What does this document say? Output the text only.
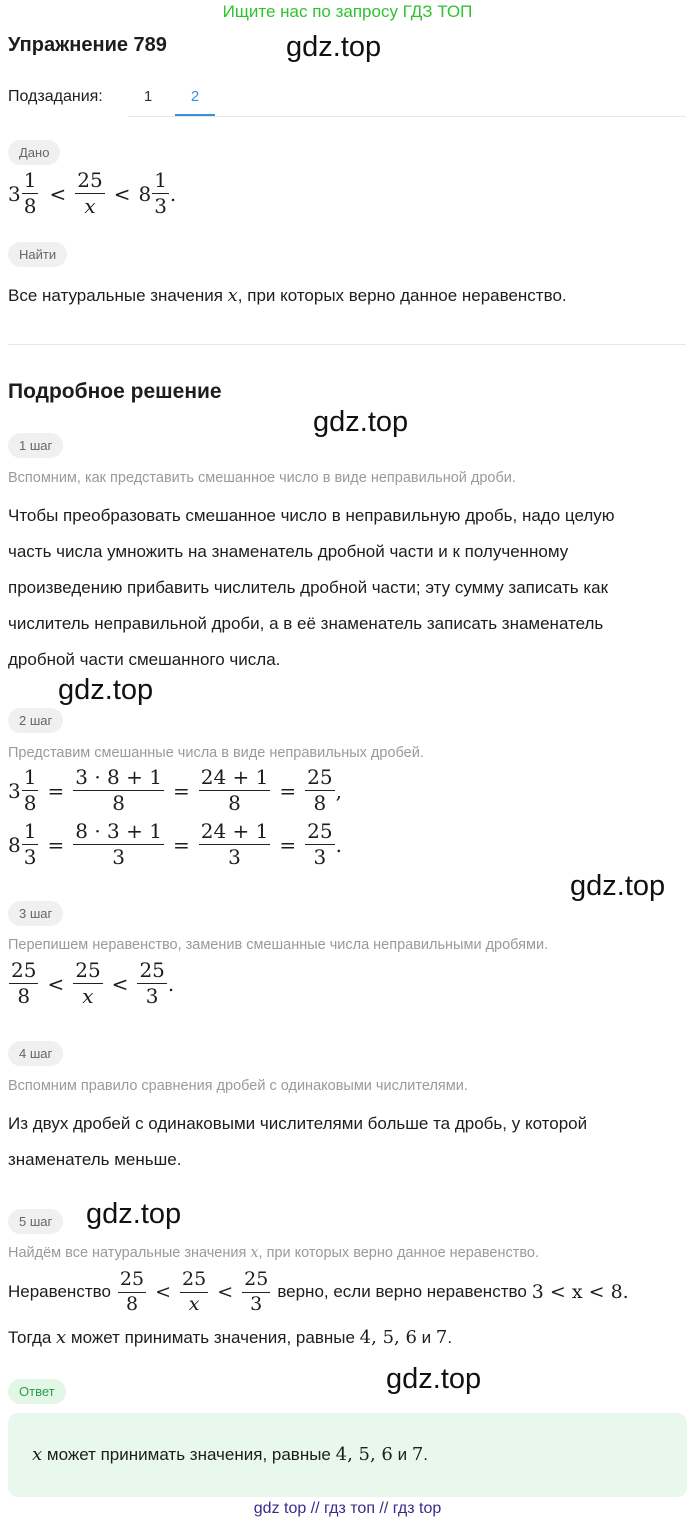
Ищите нас по запросу ГДЗ ТОП
gdz.top
gdz.top
gdz.top
gdz.top
gdz.top
gdz.top
Упражнение 789
Подзадания:	1	2
Дано
$3 \frac{1}{8} < \frac{25}{x} < 8 \frac{1}{3}$ .
Найти
Все натуральные значения x, при которых верно данное неравенство.
Подробное решение
1 шаг
Вспомним, как представить смешанное число в виде неправильной дроби.
Чтобы преобразовать смешанное число в неправильную дробь, надо целую
часть числа умножить на знаменатель дробной части и к полученному
произведению прибавить числитель дробной части; эту сумму записать как
числитель неправильной дроби, а в её знаменатель записать знаменатель
дробной части смешанного числа.
2 шаг
Представим смешанные числа в виде неправильных дробей.
$3 \frac{1}{8} = \frac{3 \cdot 8 + 1}{8} = \frac{24 + 1}{8} = \frac{25}{8}$ ,
$8 \frac{1}{3} = \frac{8 \cdot 3 + 1}{3} = \frac{24 + 1}{3} = \frac{25}{3}$ .
3 шаг
Перепишем неравенство, заменив смешанные числа неправильными дробями.
$\frac{25}{8} < \frac{25}{x} < \frac{25}{3}$ .
4 шаг
Вспомним правило сравнения дробей с одинаковыми числителями.
Из двух дробей с одинаковыми числителями больше та дробь, у которой
знаменатель меньше.
5 шаг
Найдём все натуральные значения x, при которых верно данное неравенство.
Неравенство $\frac{25}{8} < \frac{25}{x} < \frac{25}{3}$ верно, если верно неравенство 3 < x < 8.
Тогда x может принимать значения, равные 4, 5, 6 и 7.
Ответ
x может принимать значения, равные 4, 5, 6 и 7.
gdz top // гдз топ // гдз top
